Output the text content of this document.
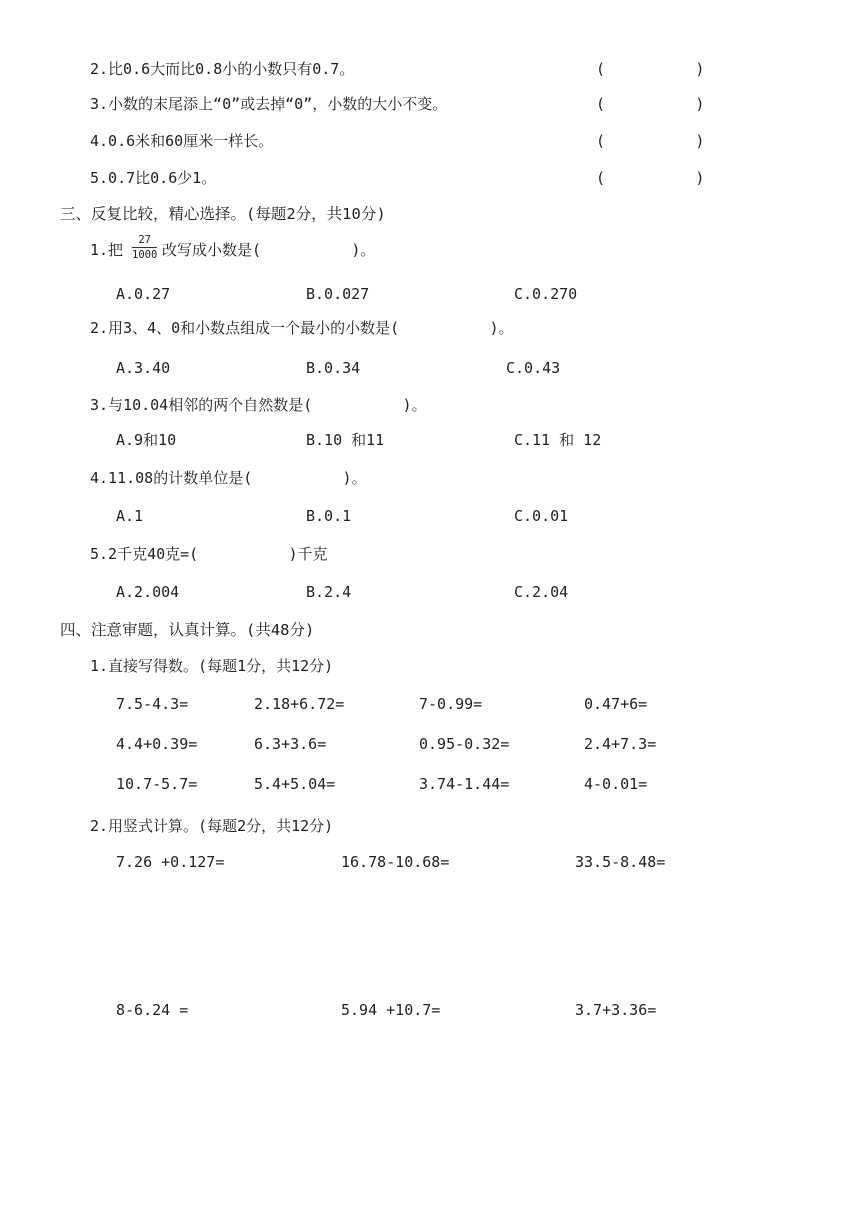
2.比0.6大而比0.8小的小数只有0.7。	(          )
3.小数的末尾添上“0”或去掉“0”，小数的大小不变。	(          )
4.0.6米和60厘米一样长。	(          )
5.0.7比0.6少1。	(          )
三、反复比较，精心选择。(每题2分，共10分)
1.把 $\frac{27}{1000}$ 改写成小数是(          )。
A.0.27	B.0.027	C.0.270
2.用3、4、0和小数点组成一个最小的小数是(          )。
A.3.40	B.0.34	C.0.43
3.与10.04相邻的两个自然数是(          )。
A.9和10	B.10 和11	C.11 和 12
4.11.08的计数单位是(          )。
A.1	B.0.1	C.0.01
5.2千克40克=(          )千克
A.2.004	B.2.4	C.2.04
四、注意审题，认真计算。(共48分)
1.直接写得数。(每题1分，共12分)
7.5-4.3=	2.18+6.72=	7-0.99=	0.47+6=
4.4+0.39=	6.3+3.6=	0.95-0.32=	2.4+7.3=
10.7-5.7=	5.4+5.04=	3.74-1.44=	4-0.01=
2.用竖式计算。(每题2分，共12分)
7.26 +0.127=	16.78-10.68=	33.5-8.48=
8-6.24 =	5.94 +10.7=	3.7+3.36=
